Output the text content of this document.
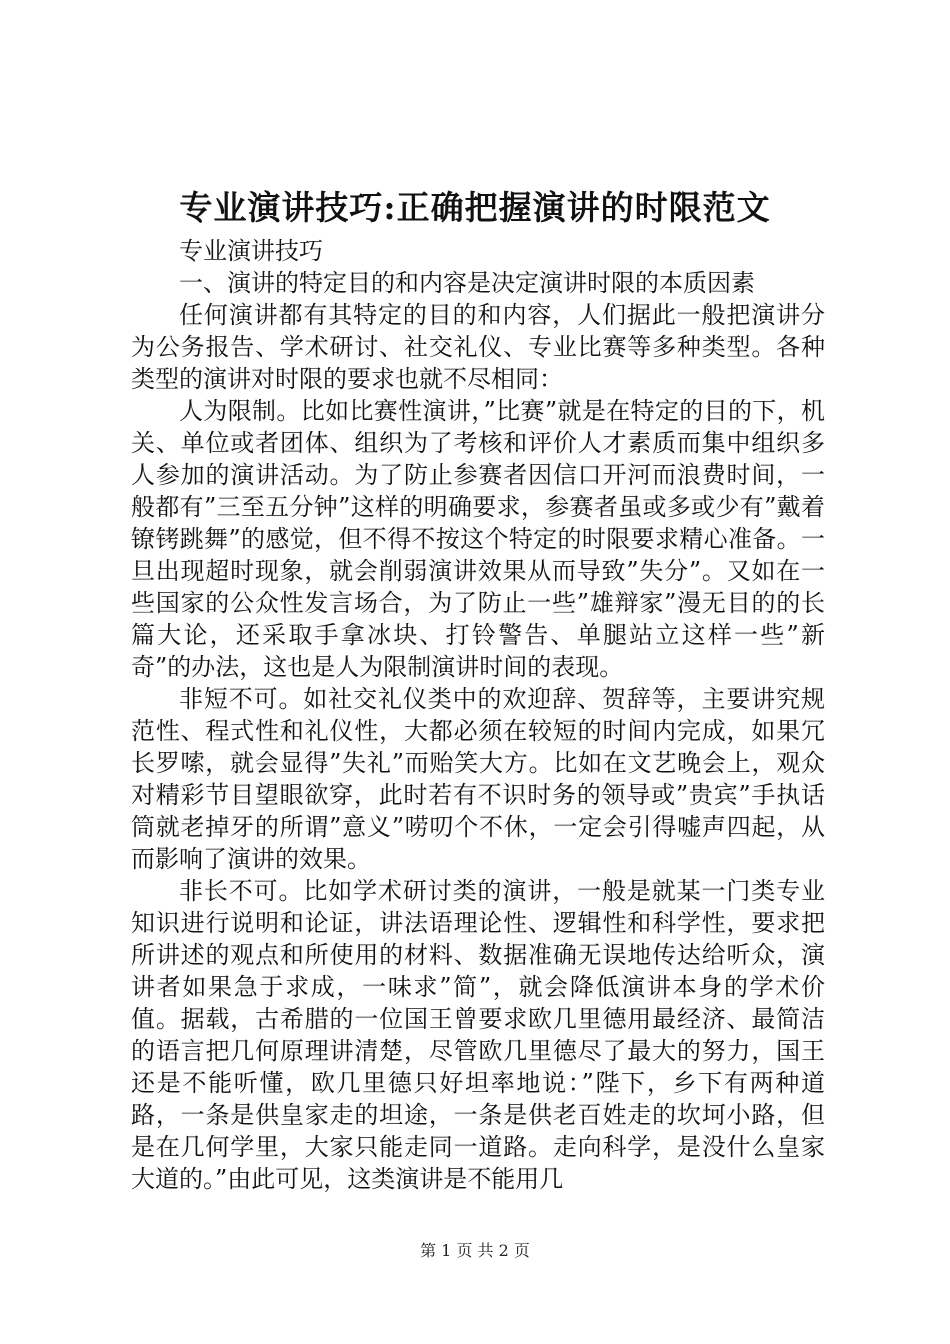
专业演讲技巧:正确把握演讲的时限范文

专业演讲技巧

一、演讲的特定目的和内容是决定演讲时限的本质因素

任何演讲都有其特定的目的和内容，人们据此一般把演讲分为公务报告、学术研讨、社交礼仪、专业比赛等多种类型。各种类型的演讲对时限的要求也就不尽相同：

人为限制。比如比赛性演讲，”比赛”就是在特定的目的下，机关、单位或者团体、组织为了考核和评价人才素质而集中组织多人参加的演讲活动。为了防止参赛者因信口开河而浪费时间，一般都有”三至五分钟”这样的明确要求，参赛者虽或多或少有”戴着镣铐跳舞”的感觉，但不得不按这个特定的时限要求精心准备。一旦出现超时现象，就会削弱演讲效果从而导致”失分”。又如在一些国家的公众性发言场合，为了防止一些”雄辩家”漫无目的的长篇大论，还采取手拿冰块、打铃警告、单腿站立这样一些”新奇”的办法，这也是人为限制演讲时间的表现。

非短不可。如社交礼仪类中的欢迎辞、贺辞等，主要讲究规范性、程式性和礼仪性，大都必须在较短的时间内完成，如果冗长罗嗦，就会显得”失礼”而贻笑大方。比如在文艺晚会上，观众对精彩节目望眼欲穿，此时若有不识时务的领导或”贵宾”手执话筒就老掉牙的所谓”意义”唠叨个不休，一定会引得嘘声四起，从而影响了演讲的效果。

非长不可。比如学术研讨类的演讲，一般是就某一门类专业知识进行说明和论证，讲法语理论性、逻辑性和科学性，要求把所讲述的观点和所使用的材料、数据准确无误地传达给听众，演讲者如果急于求成，一味求”简”，就会降低演讲本身的学术价值。据载，古希腊的一位国王曾要求欧几里德用最经济、最简洁的语言把几何原理讲清楚，尽管欧几里德尽了最大的努力，国王还是不能听懂，欧几里德只好坦率地说：”陛下，乡下有两种道路，一条是供皇家走的坦途，一条是供老百姓走的坎坷小路，但是在几何学里，大家只能走同一道路。走向科学，是没什么皇家大道的。”由此可见，这类演讲是不能用几

第 1 页 共 2 页
